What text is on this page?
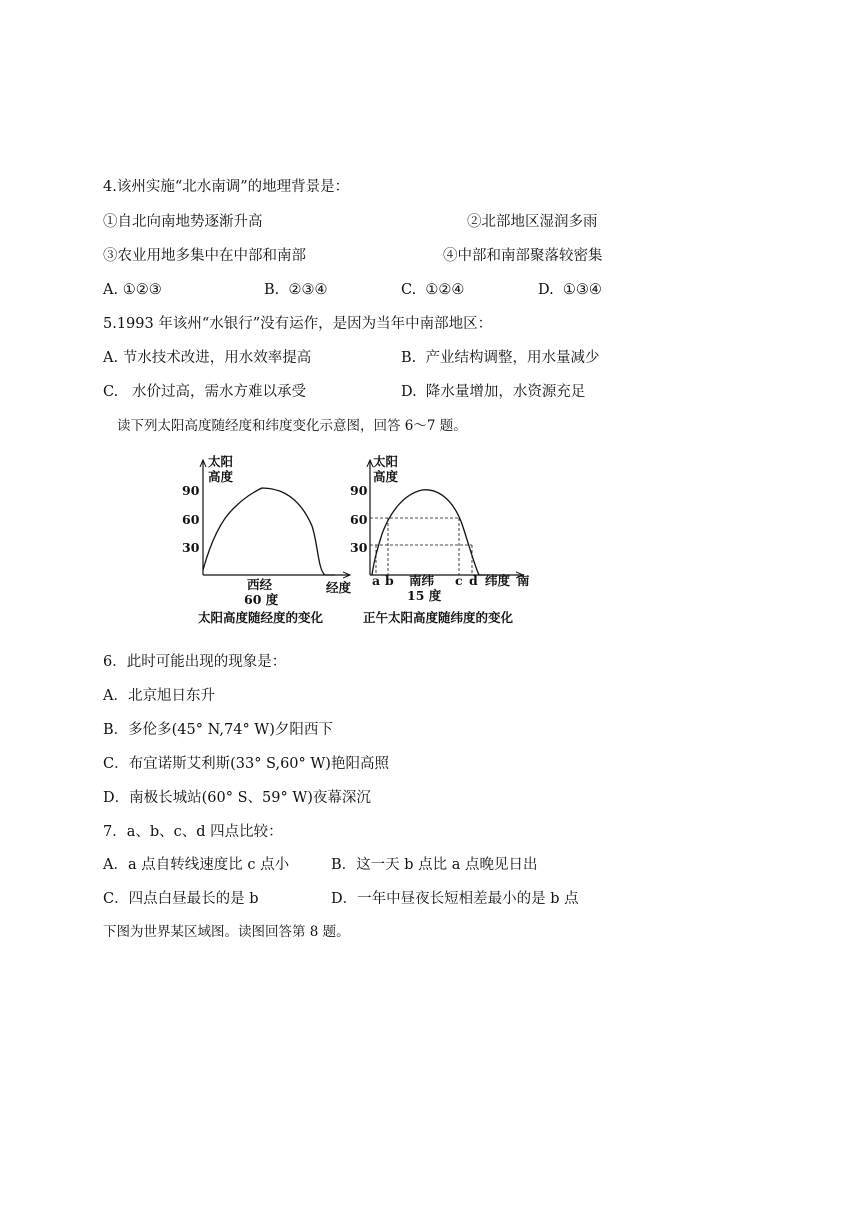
4.该州实施“北水南调”的地理背景是：
①自北向南地势逐渐升高	②北部地区湿润多雨
③农业用地多集中在中部和南部	④中部和南部聚落较密集
A. ①②③	B.  ②③④	C.  ①②④	D.  ①③④
5.1993 年该州“水银行”没有运作，是因为当年中南部地区：
A. 节水技术改进，用水效率提高	B.  产业结构调整，用水量减少
C.   水价过高，需水方难以承受	D.  降水量增加，水资源充足
读下列太阳高度随经度和纬度变化示意图，回答 6～7 题。
太阳
高度
90
60
30
西经
60 度
经度
太阳高度随经度的变化
太阳
高度
90
60
30
a b	c d
南纬
15 度
纬度 南
正午太阳高度随纬度的变化
6．此时可能出现的现象是：
A．北京旭日东升
B．多伦多(45° N,74° W)夕阳西下
C．布宜诺斯艾利斯(33° S,60° W)艳阳高照
D．南极长城站(60° S、59° W)夜幕深沉
7．a、b、c、d 四点比较：
A．a 点自转线速度比 c 点小	B．这一天 b 点比 a 点晚见日出
C．四点白昼最长的是 b	D．一年中昼夜长短相差最小的是 b 点
下图为世界某区域图。读图回答第 8 题。
